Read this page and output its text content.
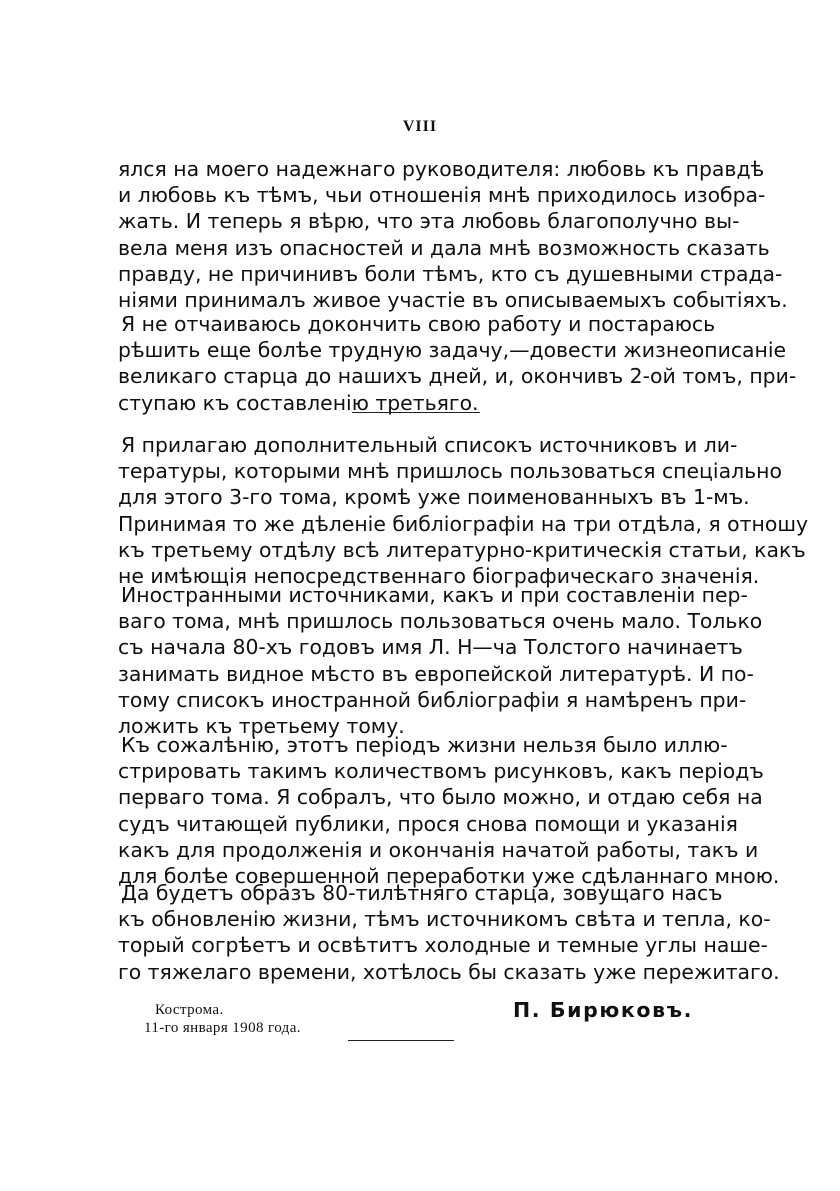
VIII
ялся на моего надежнаго руководителя: любовь къ правдѣ
и любовь къ тѣмъ, чьи отношенія мнѣ приходилось изобра-
жать. И теперь я вѣрю, что эта любовь благополучно вы-
вела меня изъ опасностей и дала мнѣ возможность сказать
правду, не причинивъ боли тѣмъ, кто съ душевными страда-
ніями принималъ живое участіе въ описываемыхъ событіяхъ.
Я не отчаиваюсь докончить свою работу и постараюсь
рѣшить еще болѣе трудную задачу,—довести жизнеописаніе
великаго старца до нашихъ дней, и, окончивъ 2-ой томъ, при-
ступаю къ составленію третьяго.
Я прилагаю дополнительный списокъ источниковъ и ли-
тературы, которыми мнѣ пришлось пользоваться спеціально
для этого 3-го тома, кромѣ уже поименованныхъ въ 1-мъ.
Принимая то же дѣленіе библіографіи на три отдѣла, я отношу
къ третьему отдѣлу всѣ литературно-критическія статьи, какъ
не имѣющія непосредственнаго біографическаго значенія.
Иностранными источниками, какъ и при составленіи пер-
ваго тома, мнѣ пришлось пользоваться очень мало. Только
съ начала 80-хъ годовъ имя Л. Н—ча Толстого начинаетъ
занимать видное мѣсто въ европейской литературѣ. И по-
тому списокъ иностранной библіографіи я намѣренъ при-
ложить къ третьему тому.
Къ сожалѣнію, этотъ періодъ жизни нельзя было иллю-
стрировать такимъ количествомъ рисунковъ, какъ періодъ
перваго тома. Я собралъ, что было можно, и отдаю себя на
судъ читающей публики, прося снова помощи и указанія
какъ для продолженія и окончанія начатой работы, такъ и
для болѣе совершенной переработки уже сдѣланнаго мною.
Да будетъ образъ 80-тилѣтняго старца, зовущаго насъ
къ обновленію жизни, тѣмъ источникомъ свѣта и тепла, ко-
торый согрѣетъ и освѣтитъ холодные и темные углы наше-
го тяжелаго времени, хотѣлось бы сказать уже пережитаго.
Кострома.
11-го января 1908 года.
П. Бирюковъ.
